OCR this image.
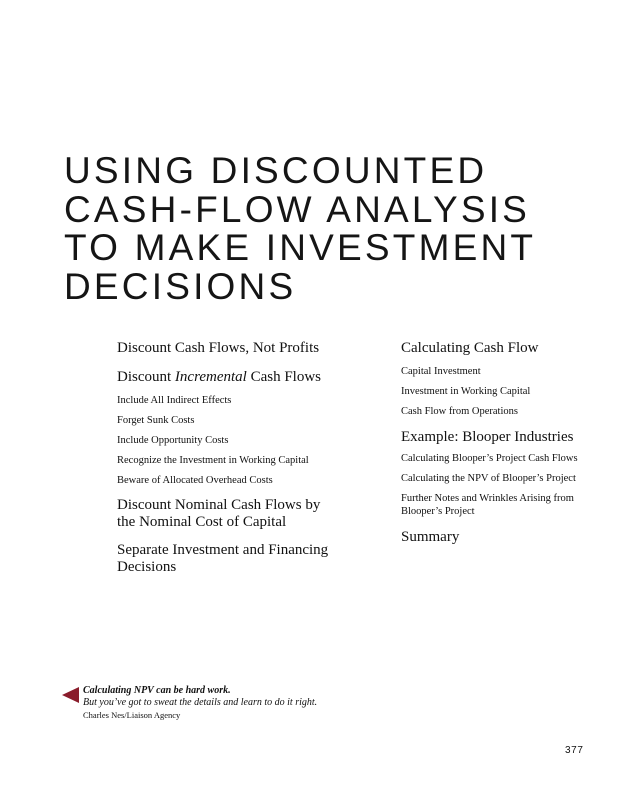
USING DISCOUNTED
CASH-FLOW ANALYSIS
TO MAKE INVESTMENT
DECISIONS

Discount Cash Flows, Not Profits

Discount Incremental Cash Flows

Include All Indirect Effects

Forget Sunk Costs

Include Opportunity Costs

Recognize the Investment in Working Capital

Beware of Allocated Overhead Costs

Discount Nominal Cash Flows by the Nominal Cost of Capital

Separate Investment and Financing Decisions

Calculating Cash Flow

Capital Investment

Investment in Working Capital

Cash Flow from Operations

Example: Blooper Industries

Calculating Blooper’s Project Cash Flows

Calculating the NPV of Blooper’s Project

Further Notes and Wrinkles Arising from Blooper’s Project

Summary

Calculating NPV can be hard work.
But you’ve got to sweat the details and learn to do it right.
Charles Nes/Liaison Agency
377
